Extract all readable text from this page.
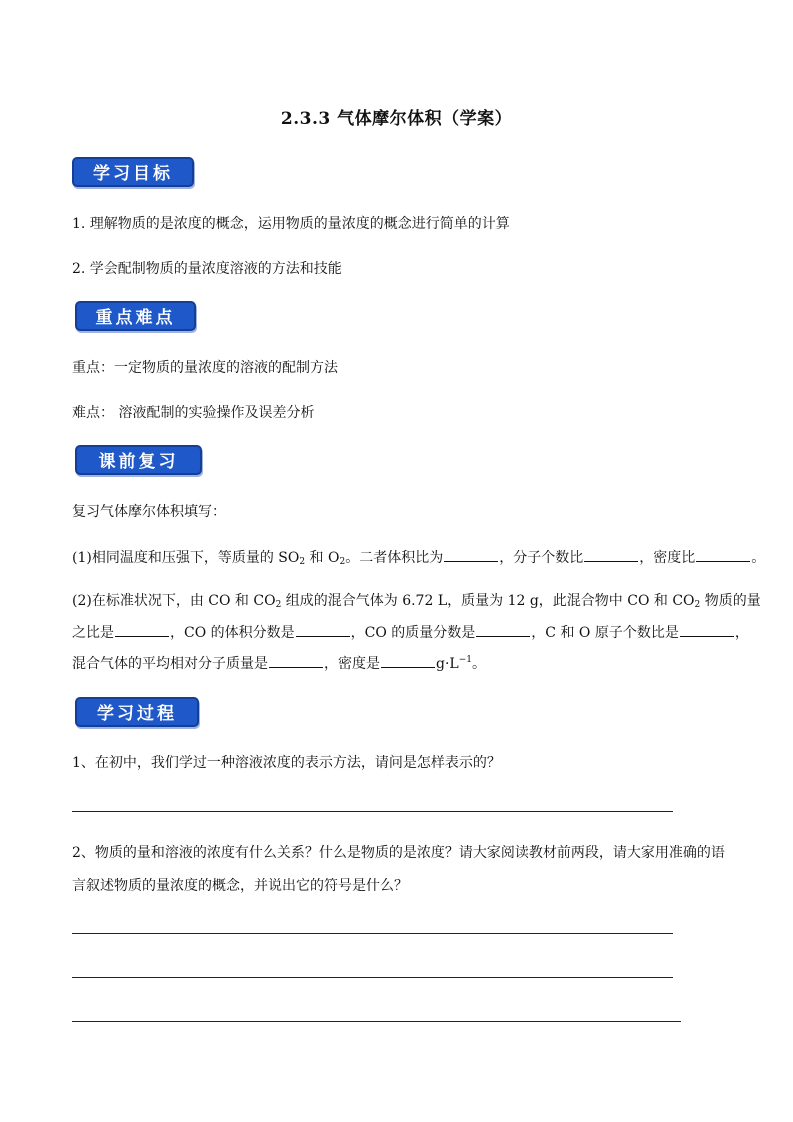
2.3.3 气体摩尔体积（学案）
学习目标
1. 理解物质的是浓度的概念，运用物质的量浓度的概念进行简单的计算
2. 学会配制物质的量浓度溶液的方法和技能
重点难点
重点：一定物质的量浓度的溶液的配制方法
难点： 溶液配制的实验操作及误差分析
课前复习
复习气体摩尔体积填写：
(1)相同温度和压强下，等质量的 $SO_2$ 和 $O_2$。二者体积比为	，分子个数比	，密度比	。
(2)在标准状况下，由 CO 和 $CO_2$ 组成的混合气体为 6.72 L，质量为 12 g，此混合物中 CO 和 $CO_2$ 物质的量
之比是	，CO 的体积分数是	，CO 的质量分数是	，C 和 O 原子个数比是	，
混合气体的平均相对分子质量是	，密度是	$g\cdot L^{-1}$。
学习过程
1、在初中，我们学过一种溶液浓度的表示方法，请问是怎样表示的？
2、物质的量和溶液的浓度有什么关系？什么是物质的是浓度？请大家阅读教材前两段，请大家用准确的语
言叙述物质的量浓度的概念，并说出它的符号是什么？
